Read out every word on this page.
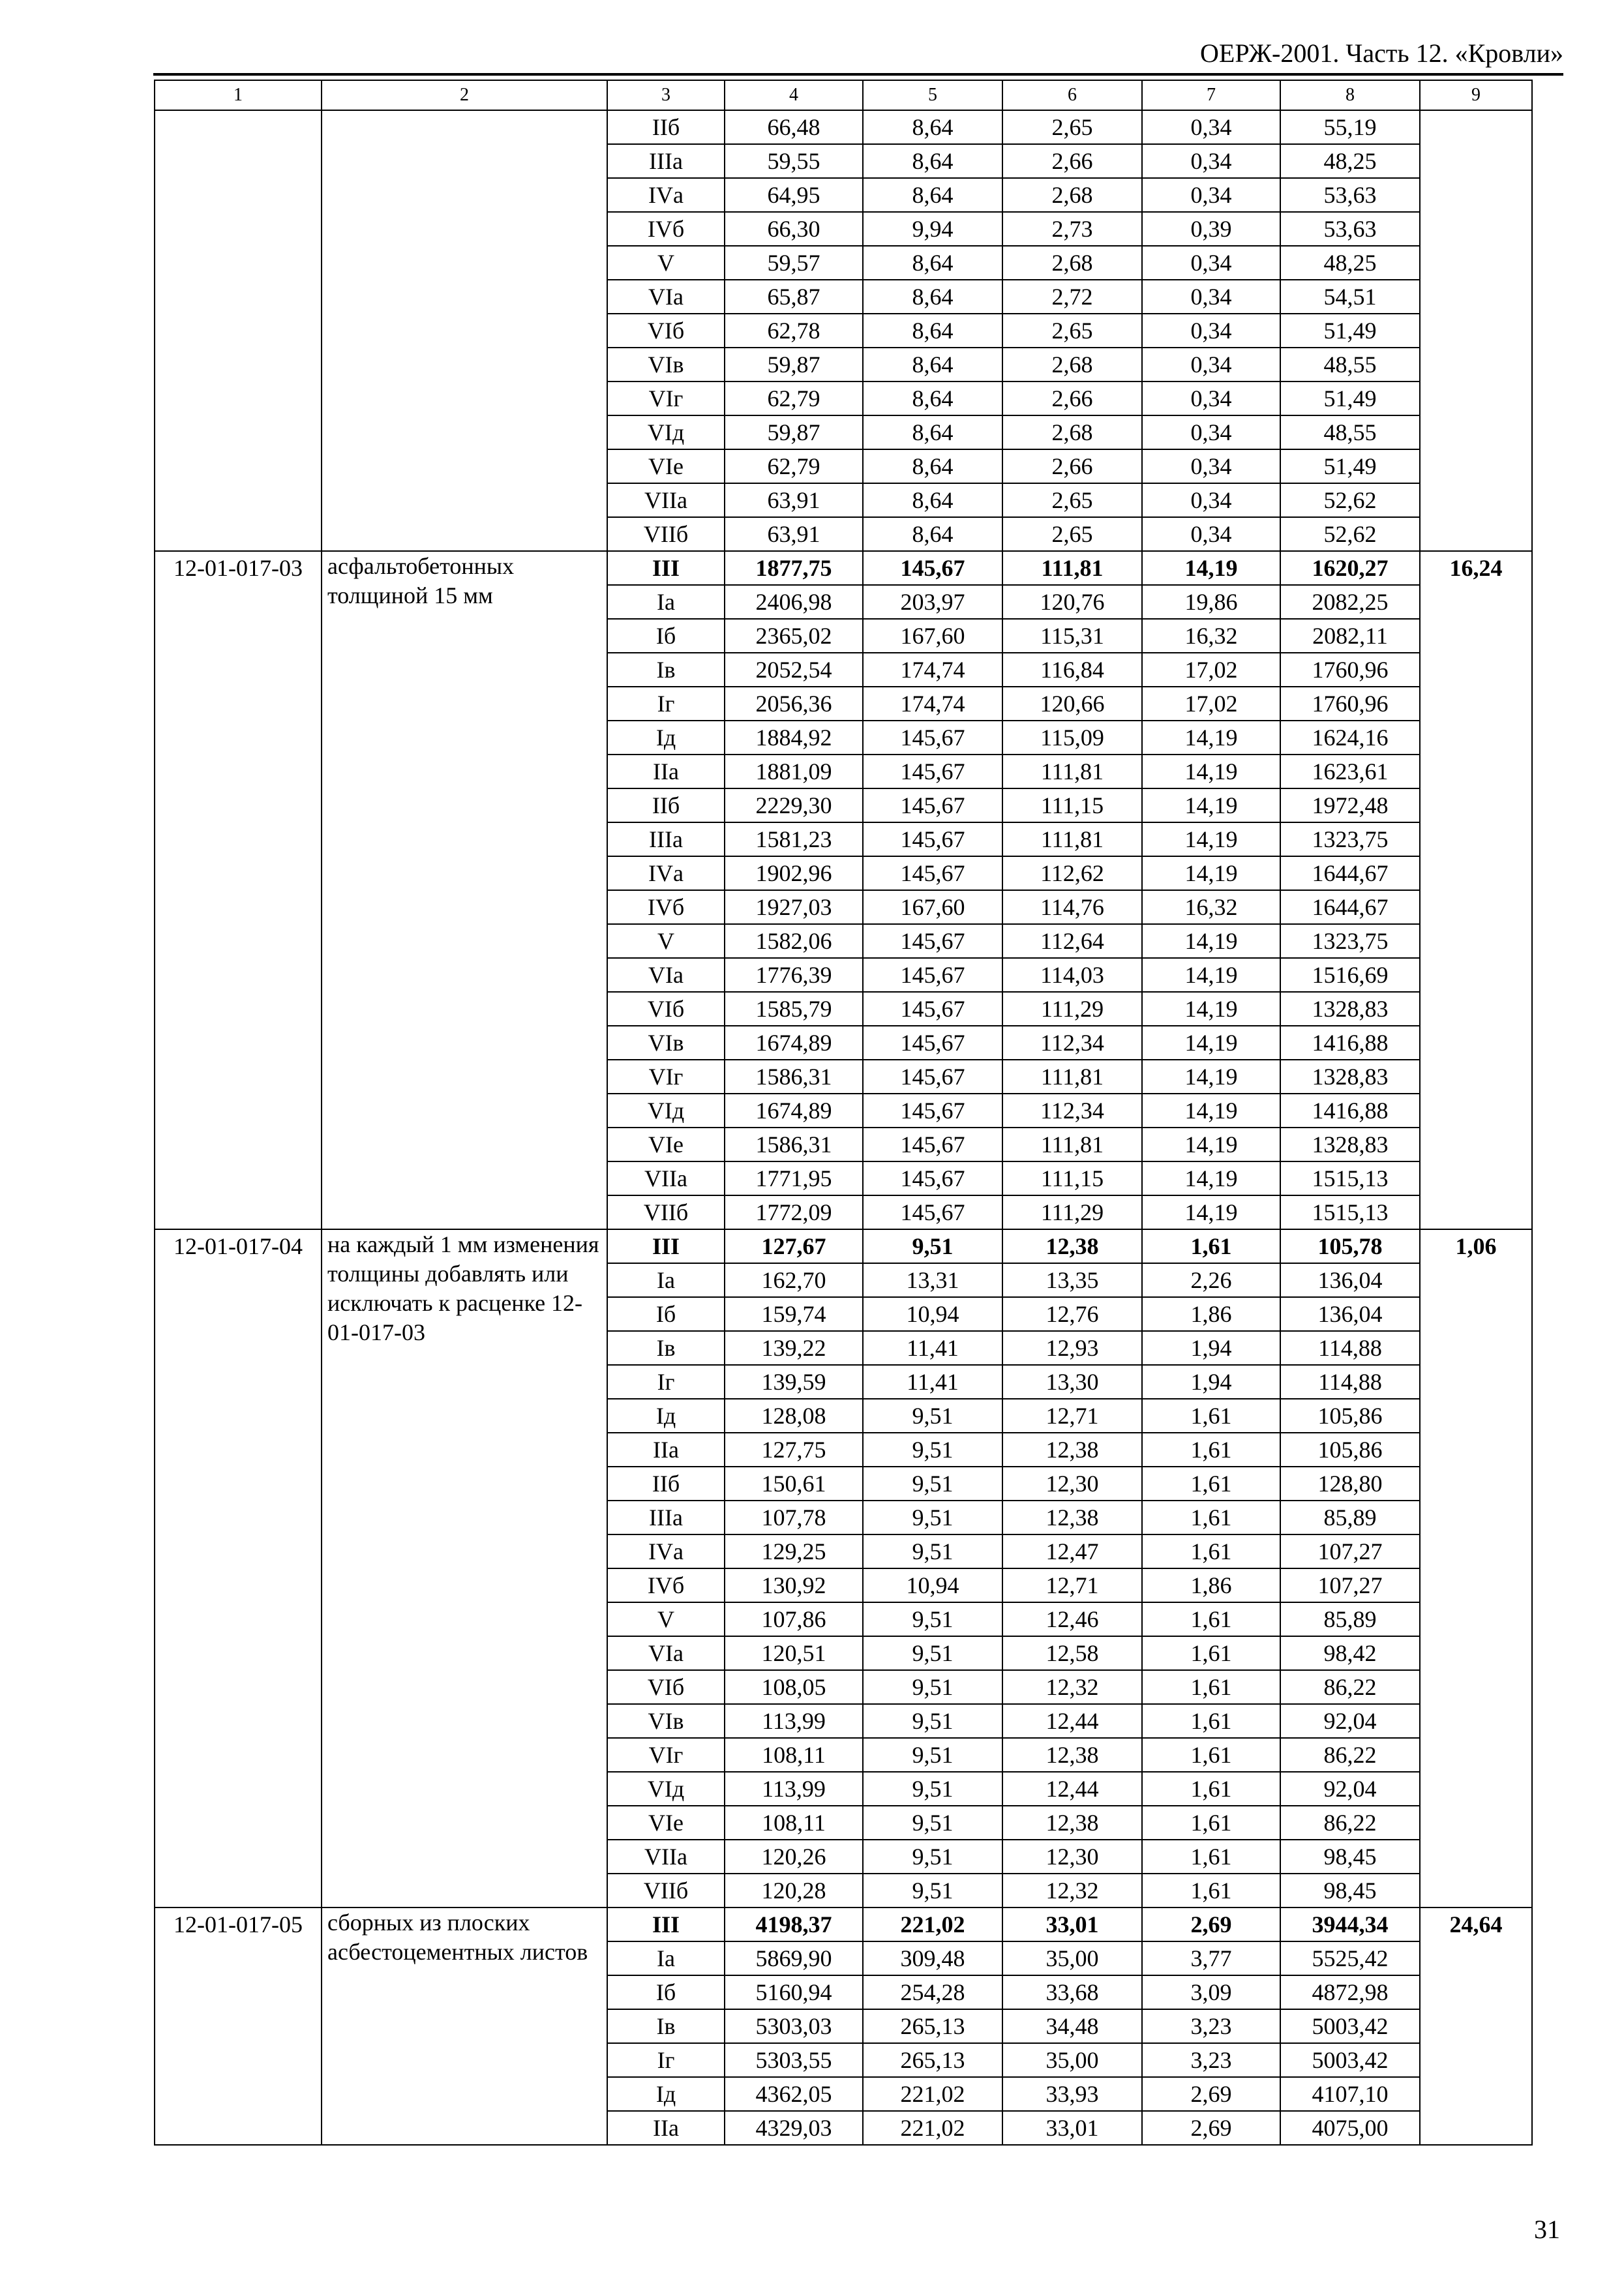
ОЕРЖ-2001. Часть 12. «Кровли»
1	2	3	4	5	6	7	8	9
		IIб	66,48	8,64	2,65	0,34	55,19	
		IIIа	59,55	8,64	2,66	0,34	48,25	
		IVа	64,95	8,64	2,68	0,34	53,63	
		IVб	66,30	9,94	2,73	0,39	53,63	
		V	59,57	8,64	2,68	0,34	48,25	
		VIа	65,87	8,64	2,72	0,34	54,51	
		VIб	62,78	8,64	2,65	0,34	51,49	
		VIв	59,87	8,64	2,68	0,34	48,55	
		VIг	62,79	8,64	2,66	0,34	51,49	
		VIд	59,87	8,64	2,68	0,34	48,55	
		VIе	62,79	8,64	2,66	0,34	51,49	
		VIIа	63,91	8,64	2,65	0,34	52,62	
		VIIб	63,91	8,64	2,65	0,34	52,62	
12-01-017-03	асфальтобетонных толщиной 15 мм	III	1877,75	145,67	111,81	14,19	1620,27	16,24
		Iа	2406,98	203,97	120,76	19,86	2082,25	
		Iб	2365,02	167,60	115,31	16,32	2082,11	
		Iв	2052,54	174,74	116,84	17,02	1760,96	
		Iг	2056,36	174,74	120,66	17,02	1760,96	
		Iд	1884,92	145,67	115,09	14,19	1624,16	
		IIа	1881,09	145,67	111,81	14,19	1623,61	
		IIб	2229,30	145,67	111,15	14,19	1972,48	
		IIIа	1581,23	145,67	111,81	14,19	1323,75	
		IVа	1902,96	145,67	112,62	14,19	1644,67	
		IVб	1927,03	167,60	114,76	16,32	1644,67	
		V	1582,06	145,67	112,64	14,19	1323,75	
		VIа	1776,39	145,67	114,03	14,19	1516,69	
		VIб	1585,79	145,67	111,29	14,19	1328,83	
		VIв	1674,89	145,67	112,34	14,19	1416,88	
		VIг	1586,31	145,67	111,81	14,19	1328,83	
		VIд	1674,89	145,67	112,34	14,19	1416,88	
		VIе	1586,31	145,67	111,81	14,19	1328,83	
		VIIа	1771,95	145,67	111,15	14,19	1515,13	
		VIIб	1772,09	145,67	111,29	14,19	1515,13	
12-01-017-04	на каждый 1 мм изменения толщины добавлять или исключать к расценке 12-01-017-03	III	127,67	9,51	12,38	1,61	105,78	1,06
		Iа	162,70	13,31	13,35	2,26	136,04	
		Iб	159,74	10,94	12,76	1,86	136,04	
		Iв	139,22	11,41	12,93	1,94	114,88	
		Iг	139,59	11,41	13,30	1,94	114,88	
		Iд	128,08	9,51	12,71	1,61	105,86	
		IIа	127,75	9,51	12,38	1,61	105,86	
		IIб	150,61	9,51	12,30	1,61	128,80	
		IIIа	107,78	9,51	12,38	1,61	85,89	
		IVа	129,25	9,51	12,47	1,61	107,27	
		IVб	130,92	10,94	12,71	1,86	107,27	
		V	107,86	9,51	12,46	1,61	85,89	
		VIа	120,51	9,51	12,58	1,61	98,42	
		VIб	108,05	9,51	12,32	1,61	86,22	
		VIв	113,99	9,51	12,44	1,61	92,04	
		VIг	108,11	9,51	12,38	1,61	86,22	
		VIд	113,99	9,51	12,44	1,61	92,04	
		VIе	108,11	9,51	12,38	1,61	86,22	
		VIIа	120,26	9,51	12,30	1,61	98,45	
		VIIб	120,28	9,51	12,32	1,61	98,45	
12-01-017-05	сборных из плоских асбестоцементных листов	III	4198,37	221,02	33,01	2,69	3944,34	24,64
		Iа	5869,90	309,48	35,00	3,77	5525,42	
		Iб	5160,94	254,28	33,68	3,09	4872,98	
		Iв	5303,03	265,13	34,48	3,23	5003,42	
		Iг	5303,55	265,13	35,00	3,23	5003,42	
		Iд	4362,05	221,02	33,93	2,69	4107,10	
		IIа	4329,03	221,02	33,01	2,69	4075,00	
31
